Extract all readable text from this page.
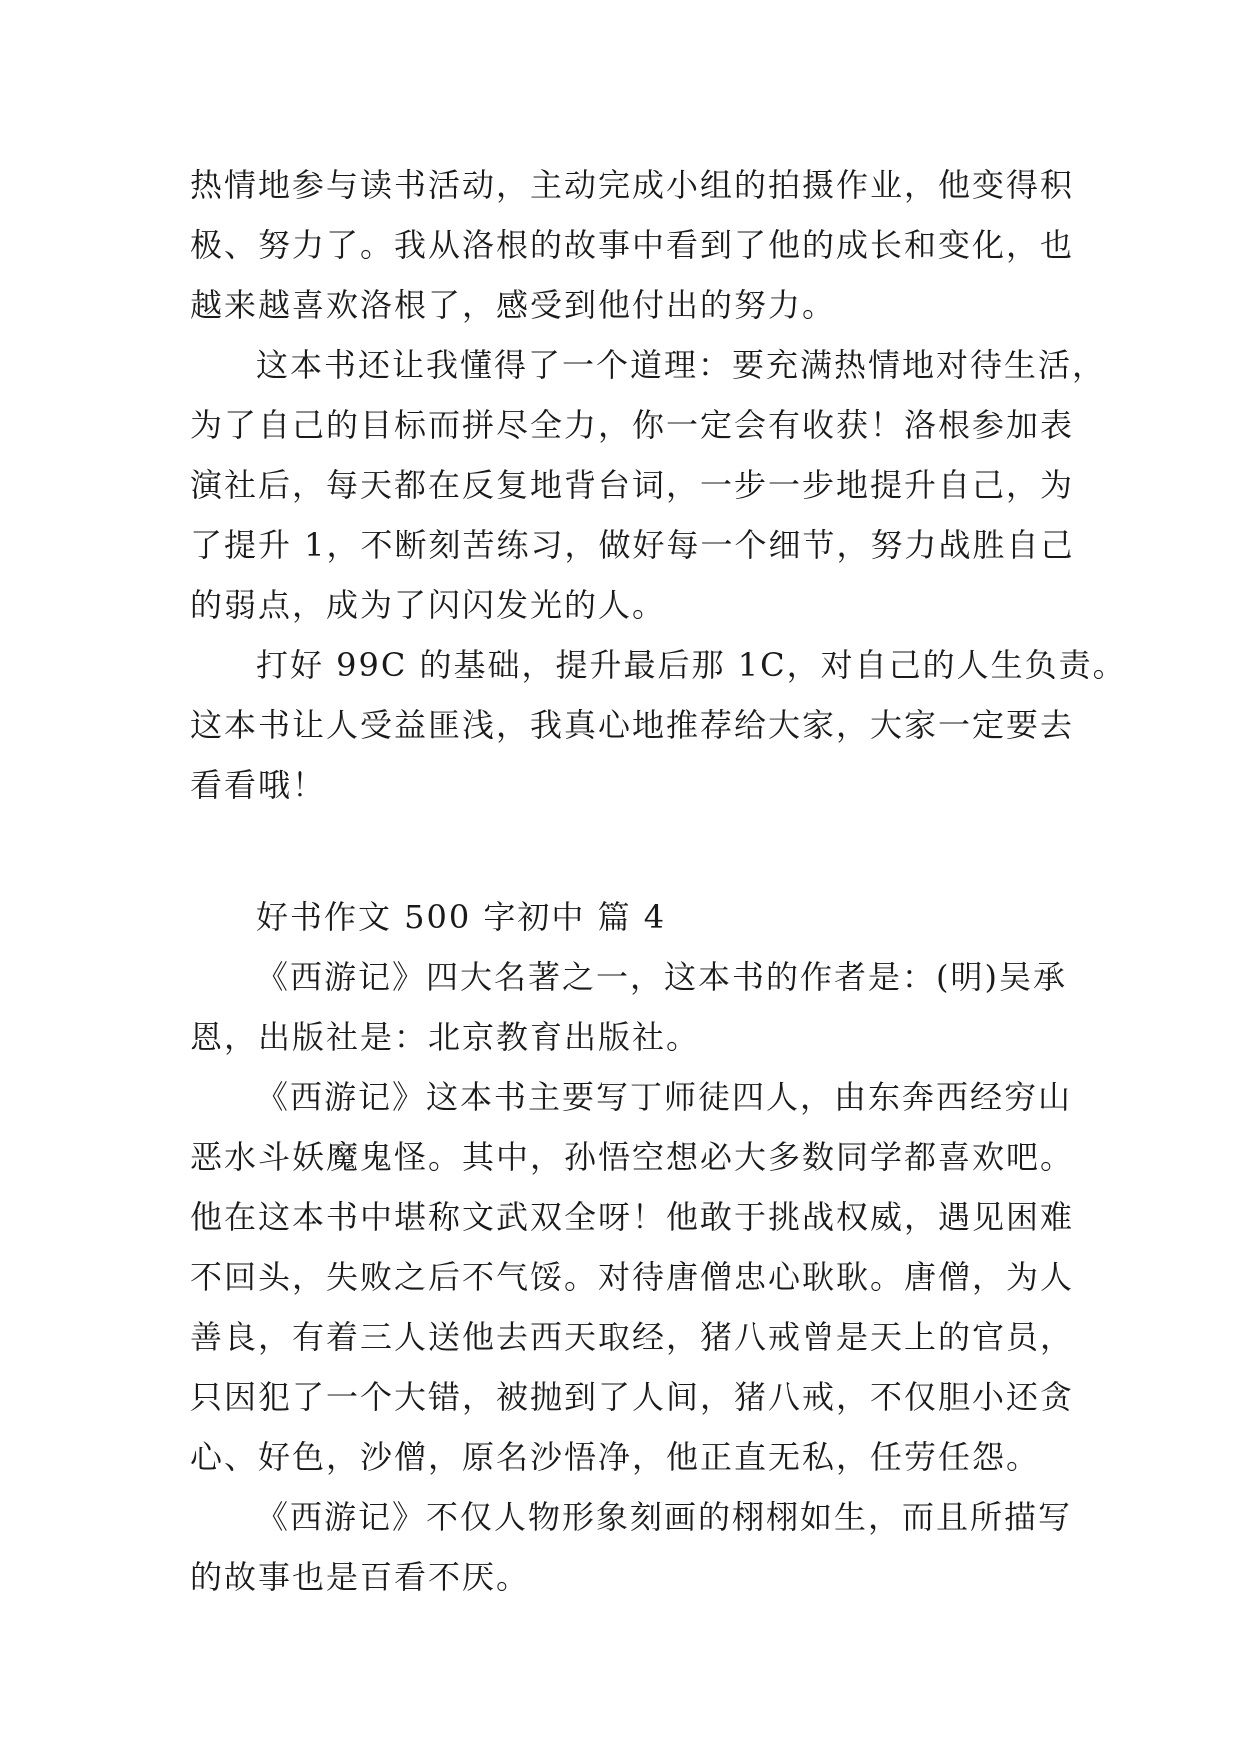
热情地参与读书活动，主动完成小组的拍摄作业，他变得积
极、努力了。我从洛根的故事中看到了他的成长和变化，也
越来越喜欢洛根了，感受到他付出的努力。
这本书还让我懂得了一个道理：要充满热情地对待生活，
为了自己的目标而拼尽全力，你一定会有收获！洛根参加表
演社后，每天都在反复地背台词，一步一步地提升自己，为
了提升 1，不断刻苦练习，做好每一个细节，努力战胜自己
的弱点，成为了闪闪发光的人。
打好 99C 的基础，提升最后那 1C，对自己的人生负责。
这本书让人受益匪浅，我真心地推荐给大家，大家一定要去
看看哦！
好书作文 500 字初中 篇 4
《西游记》四大名著之一，这本书的作者是：(明)吴承
恩，出版社是：北京教育出版社。
《西游记》这本书主要写丁师徒四人，由东奔西经穷山
恶水斗妖魔鬼怪。其中，孙悟空想必大多数同学都喜欢吧。
他在这本书中堪称文武双全呀！他敢于挑战权威，遇见困难
不回头，失败之后不气馁。对待唐僧忠心耿耿。唐僧，为人
善良，有着三人送他去西天取经，猪八戒曾是天上的官员，
只因犯了一个大错，被抛到了人间，猪八戒，不仅胆小还贪
心、好色，沙僧，原名沙悟净，他正直无私，任劳任怨。
《西游记》不仅人物形象刻画的栩栩如生，而且所描写
的故事也是百看不厌。
